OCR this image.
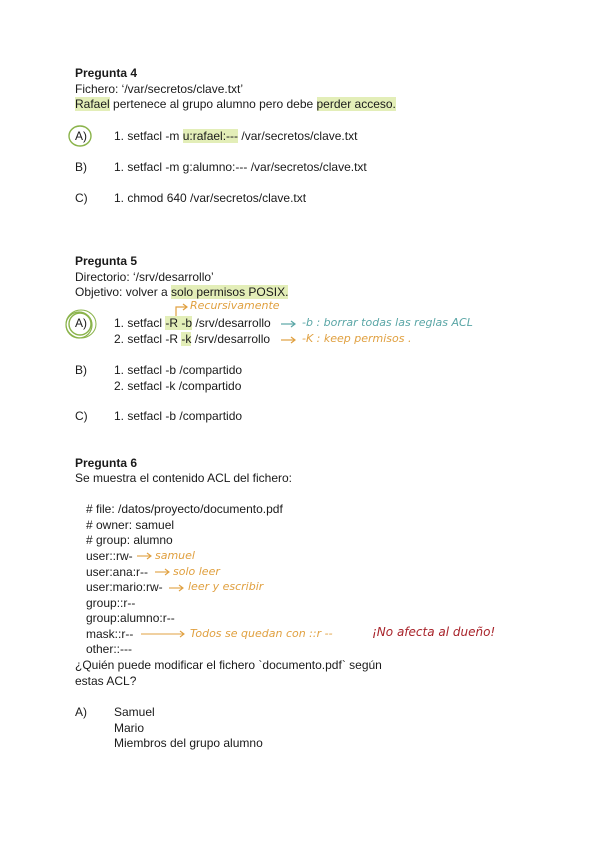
Pregunta 4
Fichero: ‘/var/secretos/clave.txt’
Rafael pertenece al grupo alumno pero debe perder acceso.
A) 1. setfacl -m u:rafael:--- /var/secretos/clave.txt
B) 1. setfacl -m g:alumno:--- /var/secretos/clave.txt
C) 1. chmod 640 /var/secretos/clave.txt
Pregunta 5
Directorio: ‘/srv/desarrollo’
Objetivo: volver a solo permisos POSIX.
Recursivamente
A) 1. setfacl -R -b /srv/desarrollo
2. setfacl -R -k /srv/desarrollo
-b : borrar todas las reglas ACL
-K : keep permisos .
B) 1. setfacl -b /compartido
2. setfacl -k /compartido
C) 1. setfacl -b /compartido
Pregunta 6
Se muestra el contenido ACL del fichero:
# file: /datos/proyecto/documento.pdf
# owner: samuel
# group: alumno
user::rw-
user:ana:r--
user:mario:rw-
group::r--
group:alumno:r--
mask::r--
other::---
samuel
solo leer
leer y escribir
Todos se quedan con ::r --	¡No afecta al dueño!
¿Quién puede modificar el fichero `documento.pdf` según
estas ACL?
A) Samuel
Mario
Miembros del grupo alumno
